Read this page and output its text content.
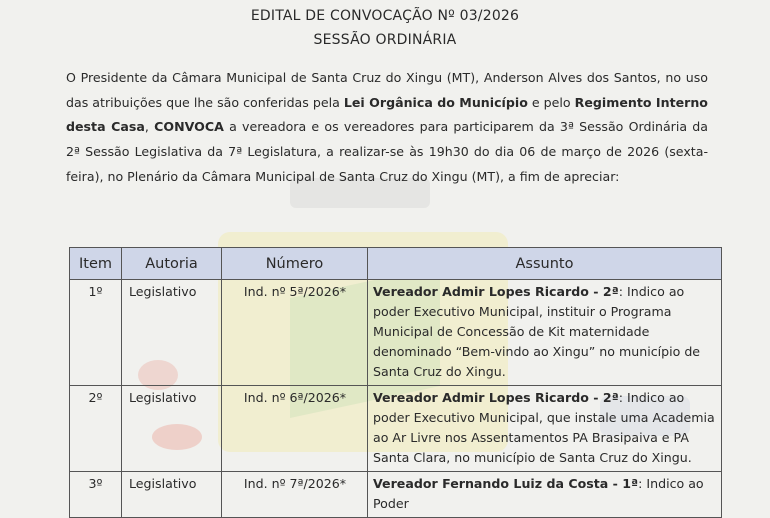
EDITAL DE CONVOCAÇÃO Nº 03/2026
SESSÃO ORDINÁRIA
O Presidente da Câmara Municipal de Santa Cruz do Xingu (MT), Anderson Alves dos Santos, no uso das atribuições que lhe são conferidas pela Lei Orgânica do Município e pelo Regimento Interno desta Casa, CONVOCA a vereadora e os vereadores para participarem da 3ª Sessão Ordinária da 2ª Sessão Legislativa da 7ª Legislatura, a realizar-se às 19h30 do dia 06 de março de 2026 (sexta-feira), no Plenário da Câmara Municipal de Santa Cruz do Xingu (MT), a fim de apreciar:
Item	Autoria	Número	Assunto
1º	Legislativo	Ind. nº 5ª/2026*	Vereador Admir Lopes Ricardo - 2ª: Indico ao poder Executivo Municipal, instituir o Programa Municipal de Concessão de Kit maternidade denominado “Bem-vindo ao Xingu” no município de Santa Cruz do Xingu.
2º	Legislativo	Ind. nº 6ª/2026*	Vereador Admir Lopes Ricardo - 2ª: Indico ao poder Executivo Municipal, que instale uma Academia ao Ar Livre nos Assentamentos PA Brasipaiva e PA Santa Clara, no município de Santa Cruz do Xingu.
3º	Legislativo	Ind. nº 7ª/2026*	Vereador Fernando Luiz da Costa - 1ª: Indico ao Poder
